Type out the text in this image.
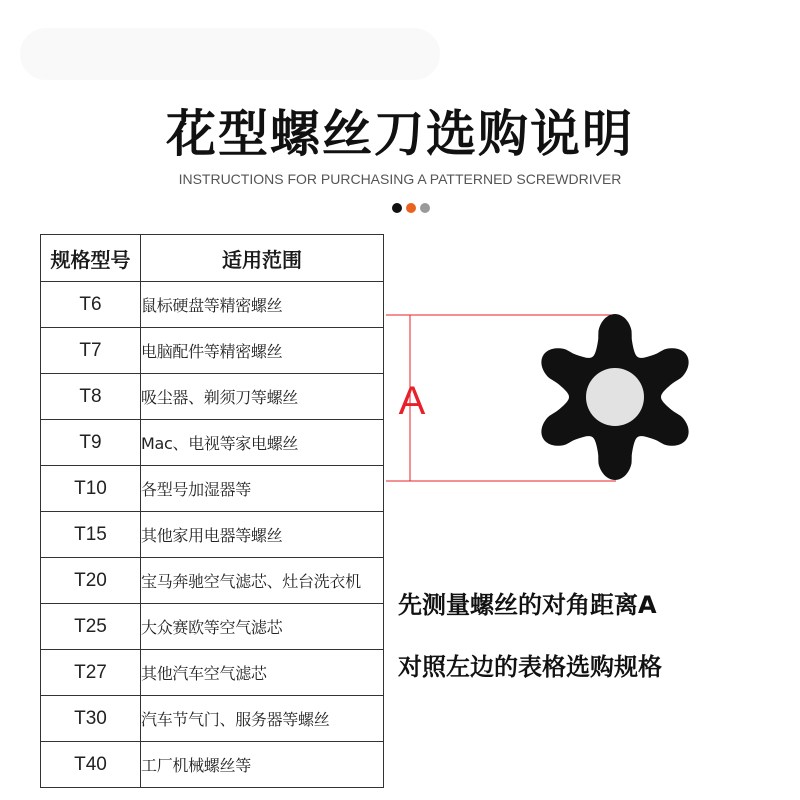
花型螺丝刀选购说明
INSTRUCTIONS FOR PURCHASING A PATTERNED SCREWDRIVER
规格型号	适用范围
T6	鼠标硬盘等精密螺丝
T7	电脑配件等精密螺丝
T8	吸尘器、剃须刀等螺丝
T9	Mac、电视等家电螺丝
T10	各型号加湿器等
T15	其他家用电器等螺丝
T20	宝马奔驰空气滤芯、灶台洗衣机
T25	大众赛欧等空气滤芯
T27	其他汽车空气滤芯
T30	汽车节气门、服务器等螺丝
T40	工厂机械螺丝等
A
先测量螺丝的对角距离A
对照左边的表格选购规格
